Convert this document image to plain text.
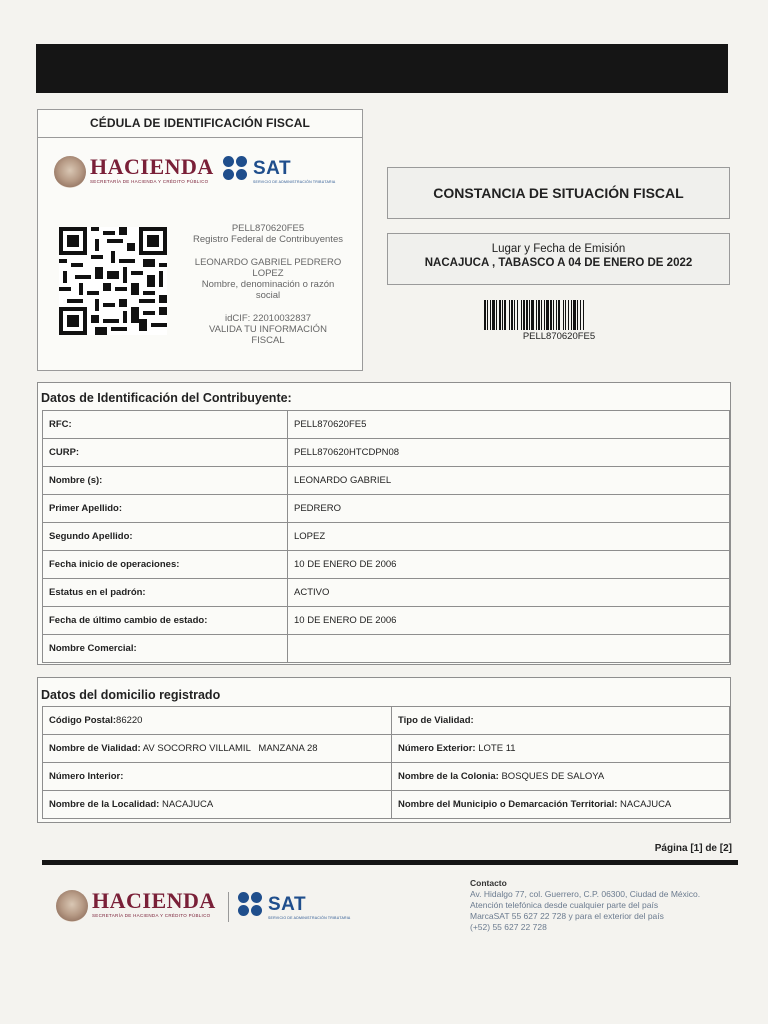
CÉDULA DE IDENTIFICACIÓN FISCAL
HACIENDA
SECRETARÍA DE HACIENDA Y CRÉDITO PÚBLICO
SAT
SERVICIO DE ADMINISTRACIÓN TRIBUTARIA
PELL870620FE5
Registro Federal de Contribuyentes
LEONARDO GABRIEL PEDRERO
LOPEZ
Nombre, denominación o razón
social
idCIF: 22010032837
VALIDA TU INFORMACIÓN
FISCAL
CONSTANCIA DE SITUACIÓN FISCAL
Lugar y Fecha de Emisión
NACAJUCA , TABASCO A 04 DE ENERO DE 2022
PELL870620FE5
Datos de Identificación del Contribuyente:
RFC:	PELL870620FE5
CURP:	PELL870620HTCDPN08
Nombre (s):	LEONARDO GABRIEL
Primer Apellido:	PEDRERO
Segundo Apellido:	LOPEZ
Fecha inicio de operaciones:	10 DE ENERO DE 2006
Estatus en el padrón:	ACTIVO
Fecha de último cambio de estado:	10 DE ENERO DE 2006
Nombre Comercial:	
Datos del domicilio registrado
Código Postal:86220	Tipo de Vialidad:
Nombre de Vialidad: AV SOCORRO VILLAMIL   MANZANA 28	Número Exterior: LOTE 11
Número Interior:	Nombre de la Colonia: BOSQUES DE SALOYA
Nombre de la Localidad: NACAJUCA	Nombre del Municipio o Demarcación Territorial: NACAJUCA
Página [1] de [2]
HACIENDA
SECRETARÍA DE HACIENDA Y CRÉDITO PÚBLICO
SAT
SERVICIO DE ADMINISTRACIÓN TRIBUTARIA
Contacto
Av. Hidalgo 77, col. Guerrero, C.P. 06300, Ciudad de México.
Atención telefónica desde cualquier parte del país
MarcaSAT 55 627 22 728 y para el exterior del país
(+52) 55 627 22 728
